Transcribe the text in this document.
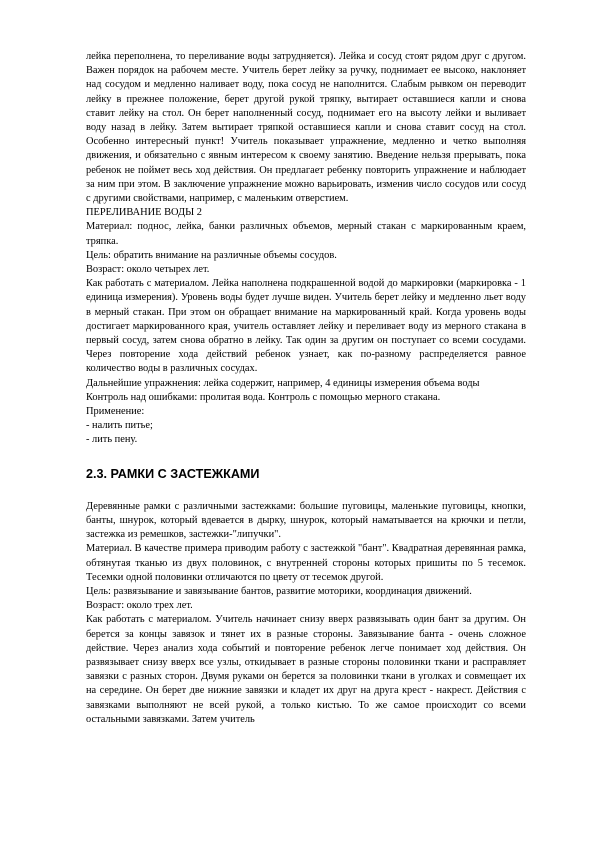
лейка переполнена, то переливание воды затрудняется). Лейка и сосуд стоят рядом друг с другом. Важен порядок на рабочем месте. Учитель берет лейку за ручку, поднимает ее высоко, наклоняет над сосудом и медленно наливает воду, пока сосуд не наполнится. Слабым рывком он переводит лейку в прежнее положение, берет другой рукой тряпку, вытирает оставшиеся капли и снова ставит лейку на стол. Он берет наполненный сосуд, поднимает его на высоту лейки и выливает воду назад в лейку. Затем вытирает тряпкой оставшиеся капли и снова ставит сосуд на стол. Особенно интересный пункт! Учитель показывает упражнение, медленно и четко выполняя движения, и обязательно с явным интересом к своему занятию. Введение нельзя прерывать, пока ребенок не поймет весь ход действия. Он предлагает ребенку повторить упражнение и наблюдает за ним при этом. В заключение упражнение можно варьировать, изменив число сосудов или сосуд с другими свойствами, например, с маленьким отверстием.

ПЕРЕЛИВАНИЕ ВОДЫ 2

Материал: поднос, лейка, банки различных объемов, мерный стакан с маркированным краем, тряпка.

Цель: обратить внимание на различные объемы сосудов.

Возраст: около четырех лет.

Как работать с материалом. Лейка наполнена подкрашенной водой до маркировки (маркировка - 1 единица измерения). Уровень воды будет лучше виден. Учитель берет лейку и медленно льет воду в мерный стакан. При этом он обращает внимание на маркированный край. Когда уровень воды достигает маркированного края, учитель оставляет лейку и переливает воду из мерного стакана в первый сосуд, затем снова обратно в лейку. Так один за другим он поступает со всеми сосудами. Через повторение хода действий ребенок узнает, как по-разному распределяется равное количество воды в различных сосудах.

Дальнейшие упражнения: лейка содержит, например, 4 единицы измерения объема воды

Контроль над ошибками: пролитая вода. Контроль с помощью мерного стакана.

Применение:

- налить питье;

- лить пену.

2.3. РАМКИ С ЗАСТЕЖКАМИ

Деревянные рамки с различными застежками: большие пуговицы, маленькие пуговицы, кнопки, банты, шнурок, который вдевается в дырку, шнурок, который наматывается на крючки и петли, застежка из ремешков, застежки-"липучки".

Материал. В качестве примера приводим работу с застежкой "бант". Квадратная деревянная рамка, обтянутая тканью из двух половинок, с внутренней стороны которых пришиты по 5 тесемок. Тесемки одной половинки отличаются по цвету от тесемок другой.

Цель: развязывание и завязывание бантов, развитие моторики, координация движений.

Возраст: около трех лет.

Как работать с материалом. Учитель начинает снизу вверх развязывать один бант за другим. Он берется за концы завязок и тянет их в разные стороны. Завязывание банта - очень сложное действие. Через анализ хода событий и повторение ребенок легче понимает ход действия. Он развязывает снизу вверх все узлы, откидывает в разные стороны половинки ткани и расправляет завязки с разных сторон. Двумя руками он берется за половинки ткани в уголках и совмещает их на середине. Он берет две нижние завязки и кладет их друг на друга крест - накрест. Действия с завязками выполняют не всей рукой, а только кистью. То же самое происходит со всеми остальными завязками. Затем учитель
